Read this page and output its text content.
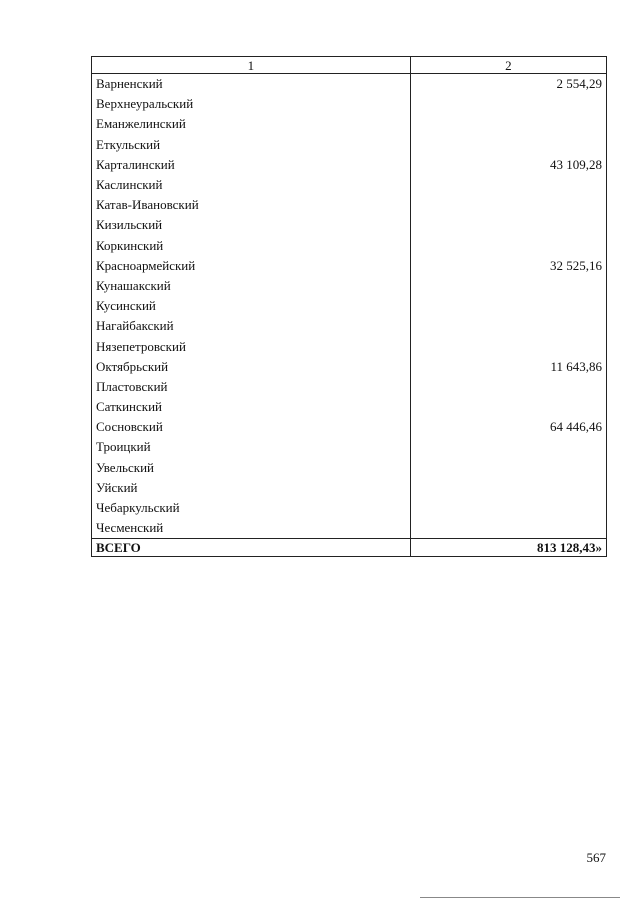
1	2
Варненский	2 554,29
Верхнеуральский	
Еманжелинский	
Еткульский	
Карталинский	43 109,28
Каслинский	
Катав-Ивановский	
Кизильский	
Коркинский	
Красноармейский	32 525,16
Кунашакский	
Кусинский	
Нагайбакский	
Нязепетровский	
Октябрьский	11 643,86
Пластовский	
Саткинский	
Сосновский	64 446,46
Троицкий	
Увельский	
Уйский	
Чебаркульский	
Чесменский	
ВСЕГО	813 128,43»
567
